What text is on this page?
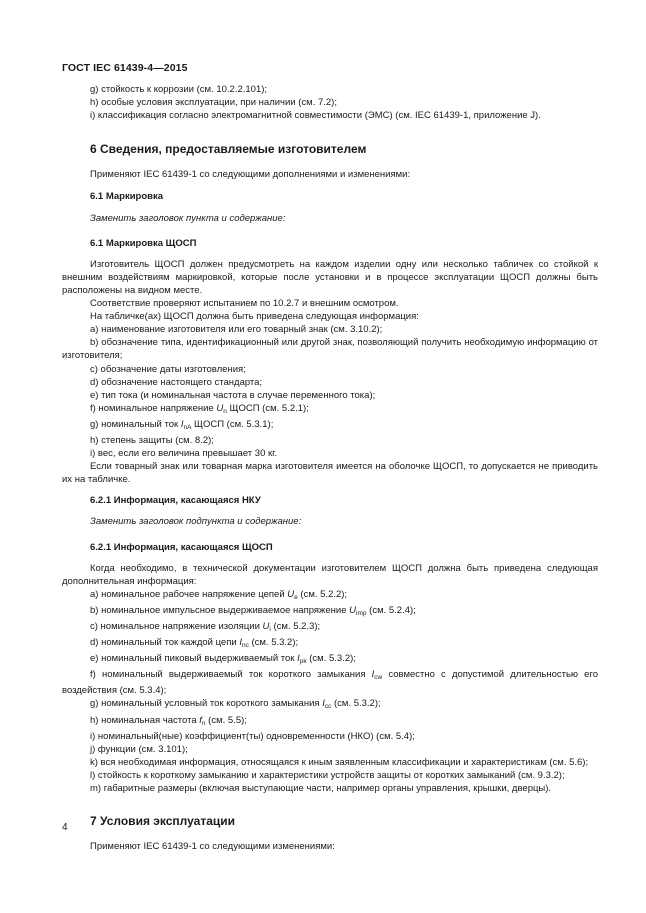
ГОСТ IEC 61439-4—2015

g) стойкость к коррозии (см. 10.2.2.101);

h) особые условия эксплуатации, при наличии (см. 7.2);

i) классификация согласно электромагнитной совместимости (ЭМС) (см. IEC 61439-1, приложение J).

6 Сведения, предоставляемые изготовителем

Применяют IEC 61439-1 со следующими дополнениями и изменениями:

6.1 Маркировка

Заменить заголовок пункта и содержание:

6.1 Маркировка ЩОСП

Изготовитель ЩОСП должен предусмотреть на каждом изделии одну или несколько табличек со стойкой к внешним воздействиям маркировкой, которые после установки и в процессе эксплуатации ЩОСП должны быть расположены на видном месте.

Соответствие проверяют испытанием по 10.2.7 и внешним осмотром.

На табличке(ах) ЩОСП должна быть приведена следующая информация:

а) наименование изготовителя или его товарный знак (см. 3.10.2);

b) обозначение типа, идентификационный или другой знак, позволяющий получить необходимую информацию от изготовителя;

c) обозначение даты изготовления;

d) обозначение настоящего стандарта;

e) тип тока (и номинальная частота в случае переменного тока);

f) номинальное напряжение $U_n$ ЩОСП (см. 5.2.1);

g) номинальный ток $I_{nA}$ ЩОСП (см. 5.3.1);

h) степень защиты (см. 8.2);

i) вес, если его величина превышает 30 кг.

Если товарный знак или товарная марка изготовителя имеется на оболочке ЩОСП, то допускается не приводить их на табличке.

6.2.1 Информация, касающаяся НКУ

Заменить заголовок подпункта и содержание:

6.2.1 Информация, касающаяся ЩОСП

Когда необходимо, в технической документации изготовителем ЩОСП должна быть приведена следующая дополнительная информация:

а) номинальное рабочее напряжение цепей $U_e$ (см. 5.2.2);

b) номинальное импульсное выдерживаемое напряжение $U_{imp}$ (см. 5.2.4);

c) номинальное напряжение изоляции $U_i$ (см. 5.2.3);

d) номинальный ток каждой цепи $I_{nc}$ (см. 5.3.2);

e) номинальный пиковый выдерживаемый ток $I_{pk}$ (см. 5.3.2);

f) номинальный выдерживаемый ток короткого замыкания $I_{cw}$ совместно с допустимой длительностью его воздействия (см. 5.3.4);

g) номинальный условный ток короткого замыкания $I_{cc}$ (см. 5.3.2);

h) номинальная частота $f_n$ (см. 5.5);

i) номинальный(ные) коэффициент(ты) одновременности (НКО) (см. 5.4);

j) функции (см. 3.101);

k) вся необходимая информация, относящаяся к иным заявленным классификации и характеристикам (см. 5.6);

l) стойкость к короткому замыканию и характеристики устройств защиты от коротких замыканий (см. 9.3.2);

m) габаритные размеры (включая выступающие части, например органы управления, крышки, дверцы).

7 Условия эксплуатации

Применяют IEC 61439-1 со следующими изменениями:

4
